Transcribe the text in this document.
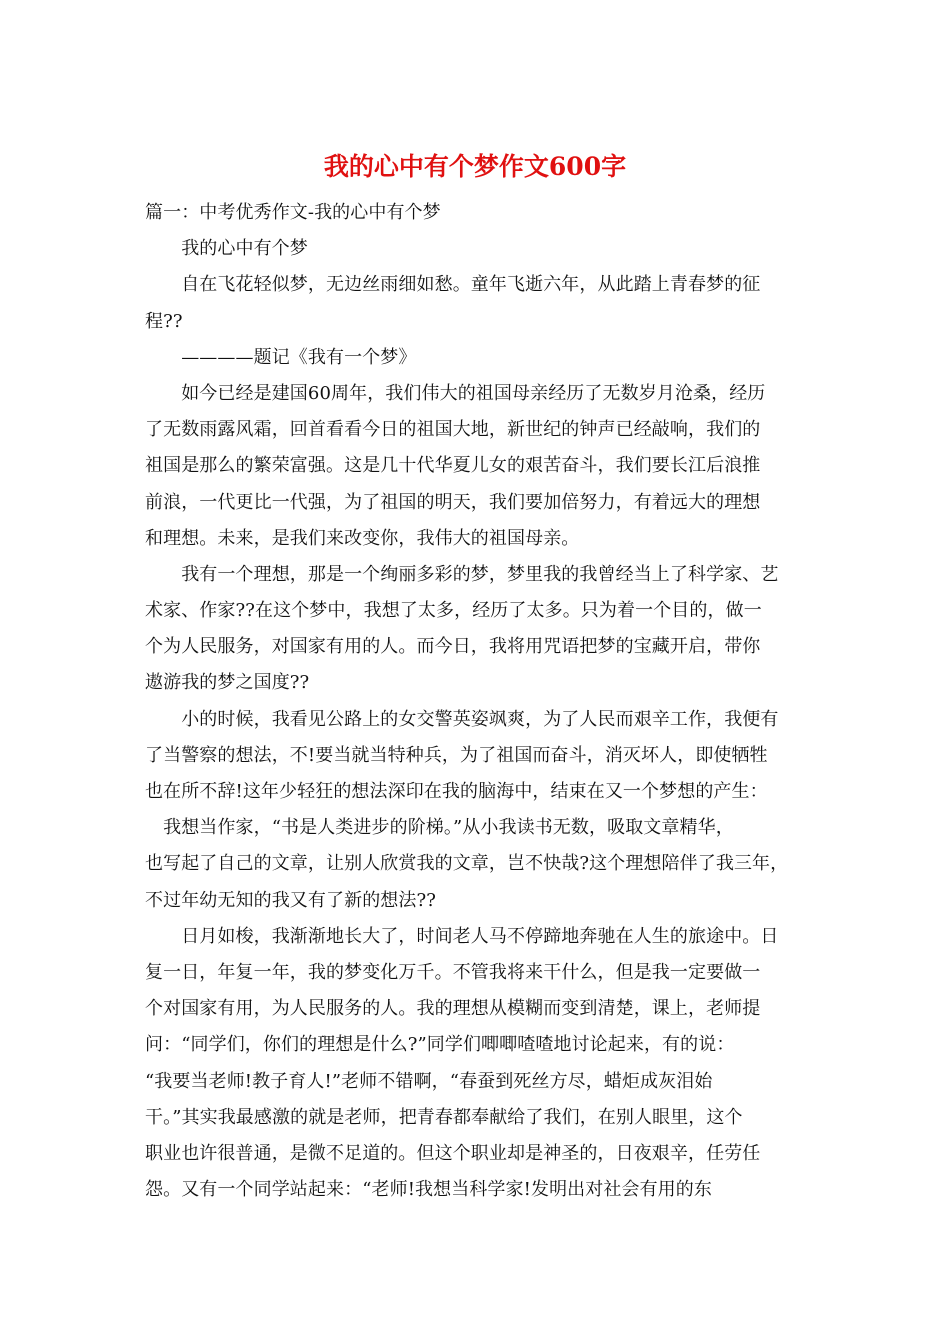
我的心中有个梦作文600字
篇一：中考优秀作文-我的心中有个梦
　　我的心中有个梦
　　自在飞花轻似梦，无边丝雨细如愁。童年飞逝六年，从此踏上青春梦的征
程??
　　————题记《我有一个梦》
　　如今已经是建国60周年，我们伟大的祖国母亲经历了无数岁月沧桑，经历
了无数雨露风霜，回首看看今日的祖国大地，新世纪的钟声已经敲响，我们的
祖国是那么的繁荣富强。这是几十代华夏儿女的艰苦奋斗，我们要长江后浪推
前浪，一代更比一代强，为了祖国的明天，我们要加倍努力，有着远大的理想
和理想。未来，是我们来改变你，我伟大的祖国母亲。
　　我有一个理想，那是一个绚丽多彩的梦，梦里我的我曾经当上了科学家、艺
术家、作家??在这个梦中，我想了太多，经历了太多。只为着一个目的，做一
个为人民服务，对国家有用的人。而今日，我将用咒语把梦的宝藏开启，带你
遨游我的梦之国度??
　　小的时候，我看见公路上的女交警英姿飒爽，为了人民而艰辛工作，我便有
了当警察的想法，不!要当就当特种兵，为了祖国而奋斗，消灭坏人，即使牺牲
也在所不辞!这年少轻狂的想法深印在我的脑海中，结束在又一个梦想的产生：
　我想当作家，“书是人类进步的阶梯。”从小我读书无数，吸取文章精华，
也写起了自己的文章，让别人欣赏我的文章，岂不快哉?这个理想陪伴了我三年，
不过年幼无知的我又有了新的想法??
　　日月如梭，我渐渐地长大了，时间老人马不停蹄地奔驰在人生的旅途中。日
复一日，年复一年，我的梦变化万千。不管我将来干什么，但是我一定要做一
个对国家有用，为人民服务的人。我的理想从模糊而变到清楚，课上，老师提
问：“同学们，你们的理想是什么?”同学们唧唧喳喳地讨论起来，有的说：
“我要当老师!教子育人!”老师不错啊，“春蚕到死丝方尽，蜡炬成灰泪始
干。”其实我最感激的就是老师，把青春都奉献给了我们，在别人眼里，这个
职业也许很普通，是微不足道的。但这个职业却是神圣的，日夜艰辛，任劳任
怨。又有一个同学站起来：“老师!我想当科学家!发明出对社会有用的东
